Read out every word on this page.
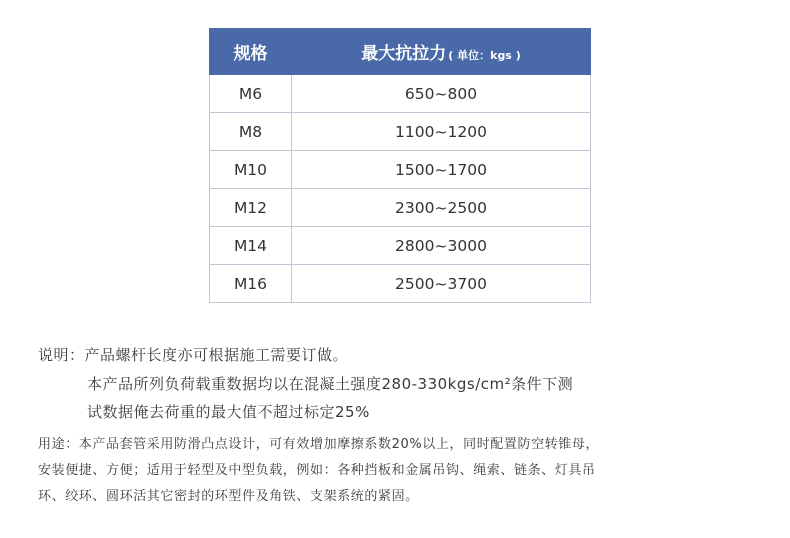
规格	最大抗拉力 ( 单位：kgs )
M6	650~800
M8	1100~1200
M10	1500~1700
M12	2300~2500
M14	2800~3000
M16	2500~3700
说明：产品螺杆长度亦可根据施工需要订做。
本产品所列负荷载重数据均以在混凝土强度280-330kgs/cm²条件下测
试数据俺去荷重的最大值不超过标定25%
用途：本产品套管采用防滑凸点设计，可有效增加摩擦系数20%以上，同时配置防空转锥母，
安装便捷、方便；适用于轻型及中型负载，例如：各种挡板和金属吊钩、绳索、链条、灯具吊
环、绞环、圆环活其它密封的环型件及角铁、支架系统的紧固。
